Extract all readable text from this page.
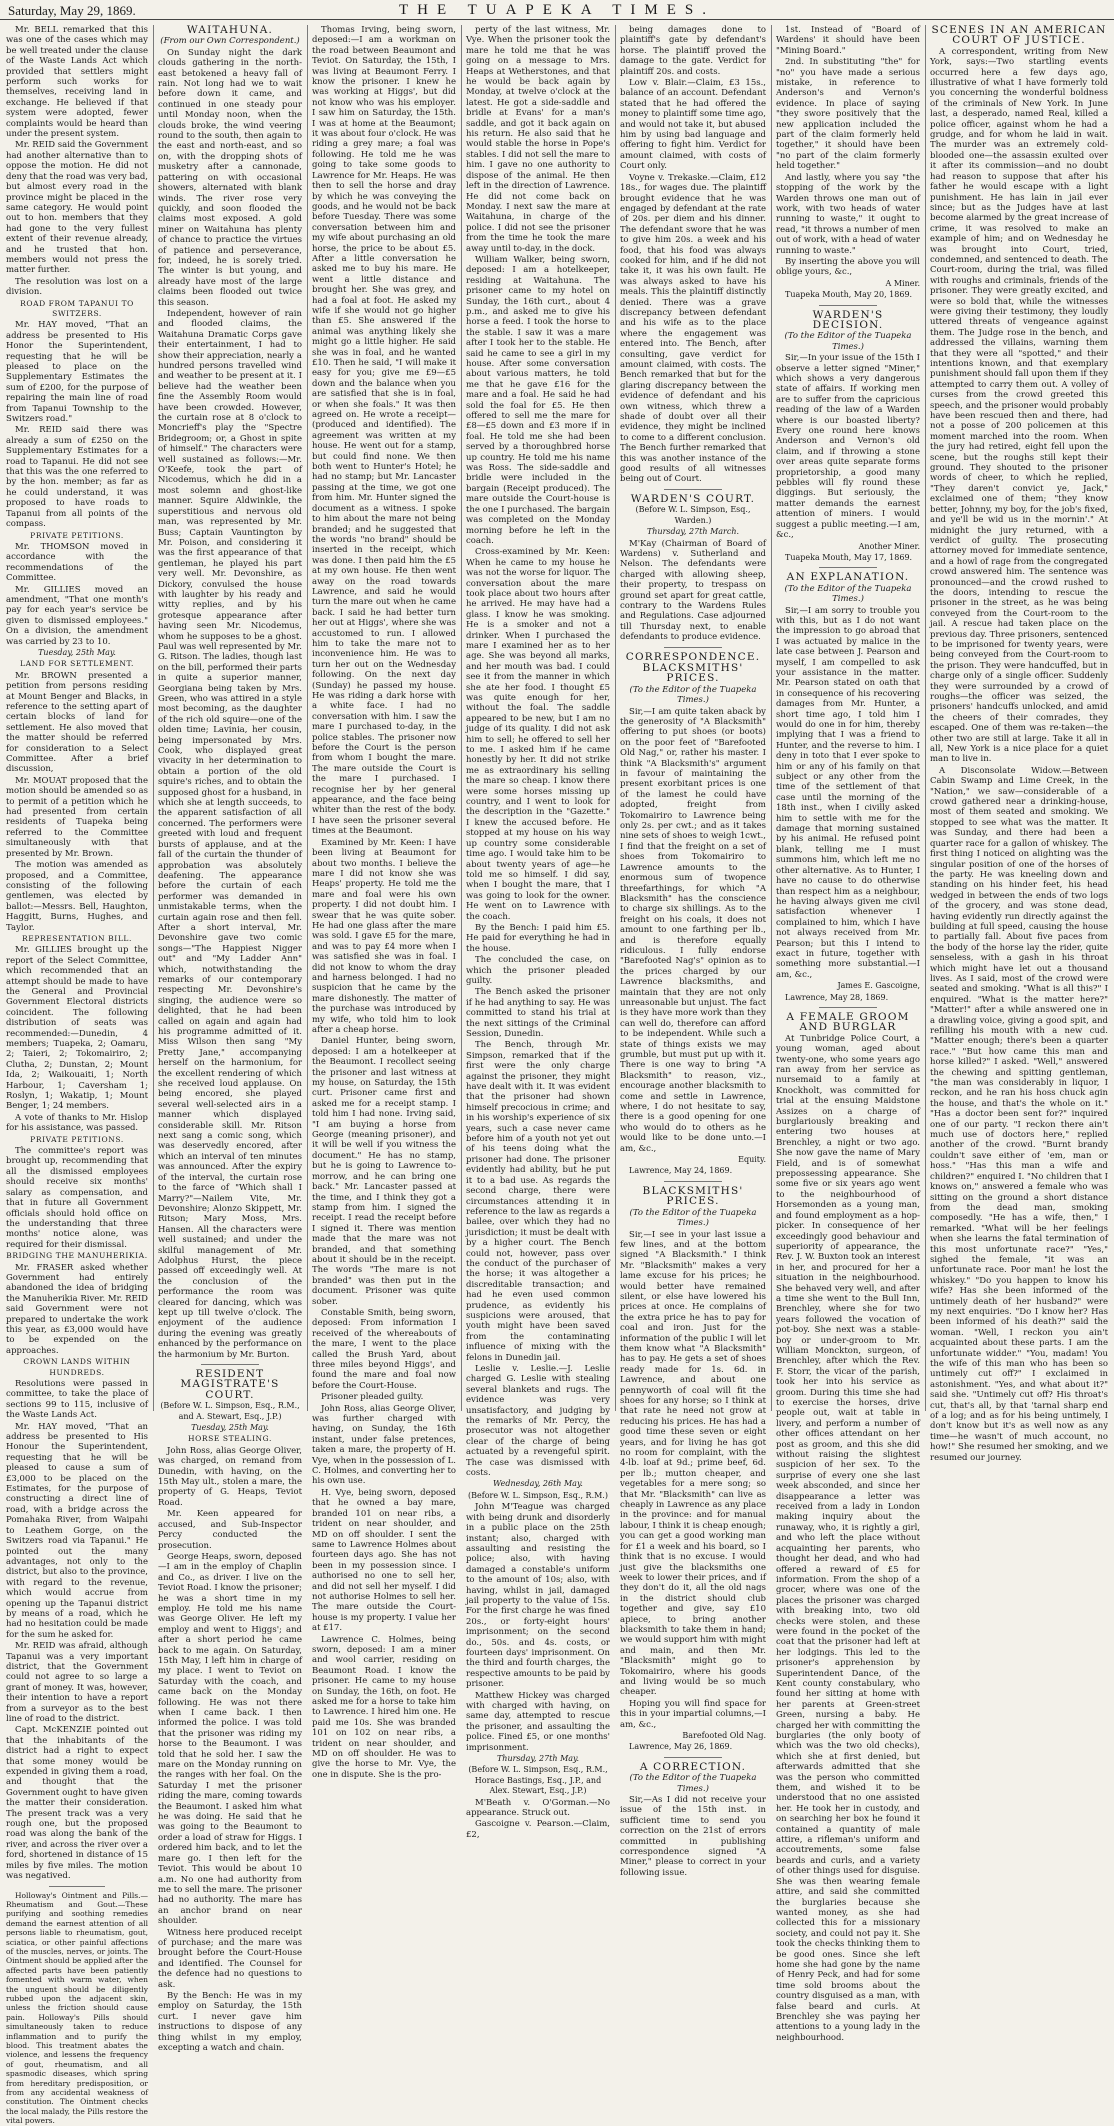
Saturday, May 29, 1869.	THE TUAPEKA TIMES.

Mr. BELL remarked that this was one of the cases which may be well treated under the clause of the Waste Lands Act which provided that settlers might perform such works for themselves, receiving land in exchange. He believed if that system were adopted, fewer complaints would be heard than under the present system.

Mr. REID said the Government had another alternative than to oppose the motion. He did not deny that the road was very bad, but almost every road in the province might be placed in the same category. He would point out to hon. members that they had gone to the very fullest extent of their revenue already, and he trusted that hon. members would not press the matter further.

The resolution was lost on a division.

ROAD FROM TAPANUI TO SWITZERS.

Mr. HAY moved, "That an address be presented to His Honor the Superintendent, requesting that he will be pleased to place on the Supplementary Estimates the sum of £200, for the purpose of repairing the main line of road from Tapanui Township to the Switzers road."

Mr. REID said there was already a sum of £250 on the Supplementary Estimates for a road to Tapanui. He did not see that this was the one referred to by the hon. member; as far as he could understand, it was proposed to have roads to Tapanui from all points of the compass.

PRIVATE PETITIONS.

Mr. THOMSON moved in accordance with the recommendations of the Committee.

Mr. GILLIES moved an amendment, "That one month's pay for each year's service be given to dismissed employees." On a division, the amendment was carried by 23 to 10.

Tuesday, 25th May.

LAND FOR SETTLEMENT.

Mr. BROWN presented a petition from persons residing at Mount Benger and Blacks, in reference to the setting apart of certain blocks of land for settlement. He also moved that the matter should be referred for consideration to a Select Committee. After a brief discussion,

Mr. MOUAT proposed that the motion should be amended so as to permit of a petition which he had presented from certain residents of Tuapeka being referred to the Committee simultaneously with that presented by Mr. Brown.

The motion was amended as proposed, and a Committee, consisting of the following gentlemen, was elected by ballot:—Messrs. Bell, Haughton, Haggitt, Burns, Hughes, and Taylor.

REPRESENTATION BILL.

Mr. GILLIES brought up the report of the Select Committee, which recommended that an attempt should be made to have the General and Provincial Government Electoral districts coincident. The following distribution of seats was recommended:—Dunedin, 4 members; Tuapeka, 2; Oamaru, 2; Taieri, 2; Tokomairiro, 2; Clutha, 2; Dunstan, 2; Mount Ida, 2; Waikouaiti, 1; North Harbour, 1; Caversham 1; Roslyn, 1; Wakatip, 1; Mount Benger, 1; 24 members.

A vote of thanks to Mr. Hislop for his assistance, was passed.

PRIVATE PETITIONS.

The committee's report was brought up, recommending that all the dismissed employees should receive six months' salary as compensation, and that in future all Government officials should hold office on the understanding that three months' notice alone, was required for their dismissal.

BRIDGING THE MANUHERIKIA.

Mr. FRASER asked whether Government had entirely abandoned the idea of bridging the Manuherikia River. Mr. REID said Government were not prepared to undertake the work this year, as £3,000 would have to be expended on the approaches.

CROWN LANDS WITHIN HUNDREDS.

Resolutions were passed in committee, to take the place of sections 99 to 115, inclusive of the Waste Lands Act.

Mr. HAY moved, "That an address be presented to His Honour the Superintendent, requesting that he will be pleased to cause a sum of £3,000 to be placed on the Estimates, for the purpose of constructing a direct line of road, with a bridge across the Pomahaka River, from Waipahi to Leathem Gorge, on the Switzers road via Tapanui." He pointed out the many advantages, not only to the district, but also to the province, with regard to the revenue, which would accrue from opening up the Tapanui district by means of a road, which he had no hesitation could be made for the sum he asked for.

Mr. REID was afraid, although Tapanui was a very important district, that the Government could not agree to so large a grant of money. It was, however, their intention to have a report from a surveyor as to the best line of road to the district.

Capt. McKENZIE pointed out that the inhabitants of the district had a right to expect that some money would be expended in giving them a road, and thought that the Government ought to have given the matter their consideration. The present track was a very rough one, but the proposed road was along the bank of the river, and across the river over a ford, shortened in distance of 15 miles by five miles. The motion was negatived.

Holloway's Ointment and Pills.—Rheumatism and Gout.—These purifying and soothing remedies demand the earnest attention of all persons liable to rheumatism, gout, sciatica, or other painful affections of the muscles, nerves, or joints. The Ointment should be applied after the affected parts have been patiently fomented with warm water, when the unguent should be diligently rubbed upon the adjacent skin, unless the friction should cause pain. Holloway's Pills should simultaneously taken to reduce inflammation and to purify the blood. This treatment abates the violence, and lessens the frequency of gout, rheumatism, and all spasmodic diseases, which spring from hereditary predisposition, or from any accidental weakness of constitution. The Ointment checks the local malady, the Pills restore the vital powers.

WAITAHUNA.

(From our Own Correspondent.)

On Sunday night the dark clouds gathering in the north-east betokened a heavy fall of rain. Not long had we to wait before down it came, and continued in one steady pour until Monday noon, when the clouds broke, the wind veering round to the south, then again to the east and north-east, and so on, with the dropping shots of musketry after a cannonade, pattering on with occasional showers, alternated with blank winds. The river rose very quickly, and soon flooded the claims most exposed. A gold miner on Waitahuna has plenty of chance to practice the virtues of patience and perseverance, for, indeed, he is sorely tried. The winter is but young, and already have most of the large claims been flooded out twice this season.

Independent, however of rain and flooded claims, the Waitahuna Dramatic Corps gave their entertainment, I had to show their appreciation, nearly a hundred persons travelled wind and weather to be present at it. I believe had the weather been fine the Assembly Room would have been crowded. However, the curtain rose at 8 o'clock to Moncrieff's play the "Spectre Bridegroom; or, a Ghost in spite of himself." The characters were well sustained as follows:—Mr. O'Keefe, took the part of Nicodemus, which he did in a most solemn and ghost-like manner. Squire Aldwinkle, the superstitious and nervous old man, was represented by Mr. Buss; Captain Vauntington by Mr. Poison, and considering it was the first appearance of that gentleman, he played his part very well. Mr. Devonshire, as Dickory, convulsed the house with laughter by his ready and witty replies, and by his grotesque appearance after having seen Mr. Nicodemus, whom he supposes to be a ghost. Paul was well represented by Mr. G. Ritson. The ladies, though last on the bill, performed their parts in quite a superior manner, Georgiana being taken by Mrs. Green, who was attired in a style most becoming, as the daughter of the rich old squire—one of the olden time; Lavinia, her cousin, being impersonated by Mrs. Cook, who displayed great vivacity in her determination to obtain a portion of the old squire's riches, and to obtain the supposed ghost for a husband, in which she at length succeeds, to the apparent satisfaction of all concerned. The performers were greeted with loud and frequent bursts of applause, and at the fall of the curtain the thunder of approbation was absolutely deafening. The appearance before the curtain of each performer was demanded in unmistakable terms, when the curtain again rose and then fell. After a short interval, Mr. Devonshire gave two comic songs—"The Happiest Nigger out" and "My Ladder Ann" which, notwithstanding the remarks of our contemporary respecting Mr. Devonshire's singing, the audience were so delighted, that he had been called on again and again had his programme admitted of it. Miss Wilson then sang "My Pretty Jane," accompanying herself on the harmonium, for the excellent rendering of which she received loud applause. On being encored, she played several well-selected airs in a manner which displayed considerable skill. Mr. Ritson next sang a comic song, which was deservedly encored, after which an interval of ten minutes was announced. After the expiry of the interval, the curtain rose to the farce of "Which shall I Marry?"—Nailem Vite, Mr. Devonshire; Alonzo Skippett, Mr. Ritson; Mary Moss, Mrs. Hansen. All the characters were well sustained; and under the skilful management of Mr. Adolphus Hurst, the piece passed off exceedingly well. At the conclusion of the performance the room was cleared for dancing, which was kept up till twelve o'clock. The enjoyment of the audience during the evening was greatly enhanced by the performance on the harmonium by Mr. Burton.

RESIDENT MAGISTRATE'S COURT.

(Before W. L. Simpson, Esq., R.M., and A. Stewart, Esq., J.P.)

Tuesday, 25th May.

HORSE STEALING.

John Ross, alias George Oliver, was charged, on remand from Dunedin, with having, on the 15th May ult., stolen a mare, the property of G. Heaps, Teviot Road.

Mr. Keen appeared for accused, and Sub-Inspector Percy conducted the prosecution.

George Heaps, sworn, deposed—I am in the employ of Chaplin and Co., as driver. I live on the Teviot Road. I know the prisoner; he was a short time in my employ. He told me his name was George Oliver. He left my employ and went to Higgs'; and after a short period he came back to me again. On Saturday, 15th May, I left him in charge of my place. I went to Teviot on Saturday with the coach, and came back on the Monday following. He was not there when I came back. I then informed the police. I was told that the prisoner was riding my horse to the Beaumont. I was told that he sold her. I saw the mare on the Monday running on the ranges with her foal. On the Saturday I met the prisoner riding the mare, coming towards the Beaumont. I asked him what he was doing. He said that he was going to the Beaumont to order a load of straw for Higgs. I ordered him back, and to let the mare go. I then left for the Teviot. This would be about 10 a.m. No one had authority from me to sell the mare. The prisoner had no authority. The mare has an anchor brand on near shoulder.

Witness here produced receipt of purchase; and the mare was brought before the Court-House and identified. The Counsel for the defence had no questions to ask.

By the Bench: He was in my employ on Saturday, the 15th curt. I never gave him instructions to dispose of any thing whilst in my employ, excepting a watch and chain.

Thomas Irving, being sworn, deposed:—I am a workman on the road between Beaumont and Teviot. On Saturday, the 15th, I was living at Beaumont Ferry. I know the prisoner. I knew he was working at Higgs', but did not know who was his employer. I saw him on Saturday, the 15th. I was at home at the Beaumont; it was about four o'clock. He was riding a grey mare; a foal was following. He told me he was going to take some goods to Lawrence for Mr. Heaps. He was then to sell the horse and dray by which he was conveying the goods, and he would not be back before Tuesday. There was some conversation between him and my wife about purchasing an old horse, the price to be about £5. After a little conversation he asked me to buy his mare. He went a little distance and brought her. She was grey, and had a foal at foot. He asked my wife if she would not go higher than £5. She answered if the animal was anything likely she might go a little higher. He said she was in foal, and he wanted £10. Then he said, "I will make it easy for you; give me £9—£5 down and the balance when you are satisfied that she is in foal, or when she foals." It was then agreed on. He wrote a receipt—(produced and identified). The agreement was written at my house. He went out for a stamp, but could find none. We then both went to Hunter's Hotel; he had no stamp; but Mr. Lancaster passing at the time, we got one from him. Mr. Hunter signed the document as a witness. I spoke to him about the mare not being branded; and he suggested that the words "no brand" should be inserted in the receipt, which was done. I then paid him the £5 at my own house. He then went away on the road towards Lawrence, and said he would turn the mare out when he came back. I said he had better turn her out at Higgs', where she was accustomed to run. I allowed him to take the mare not to inconvenience him. He was to turn her out on the Wednesday following. On the next day (Sunday) he passed my house. He was riding a dark horse with a white face. I had no conversation with him. I saw the mare I purchased to-day, in the police stables. The prisoner now before the Court is the person from whom I bought the mare. The mare outside the Court is the mare I purchased. I recognise her by her general appearance, and the face being whiter than the rest of the body. I have seen the prisoner several times at the Beaumont.

Examined by Mr. Keen: I have been living at Beaumont for about two months. I believe the mare I did not know she was Heaps' property. He told me the mare and foal were his own property. I did not doubt him. I swear that he was quite sober. He had one glass after the mare was sold. I gave £5 for the mare, and was to pay £4 more when I was satisfied she was in foal. I did not know to whom the dray and harness belonged. I had no suspicion that he came by the mare dishonestly. The matter of the purchase was introduced by my wife, who told him to look after a cheap horse.

Daniel Hunter, being sworn, deposed: I am a hotelkeeper at the Beaumont. I recollect seeing the prisoner and last witness at my house, on Saturday, the 15th curt. Prisoner came first and asked me for a receipt stamp. I told him I had none. Irving said, "I am buying a horse from George (meaning prisoner), and it will be well if you witness the document." He has no stamp, but he is going to Lawrence to-morrow, and he can bring one back." Mr. Lancaster passed at the time, and I think they got a stamp from him. I signed the receipt. I read the receipt before I signed it. There was mention made that the mare was not branded, and that something about it should be in the receipt. The words "The mare is not branded" was then put in the document. Prisoner was quite sober.

Constable Smith, being sworn, deposed: From information I received of the whereabouts of the mare, I went to the place called the Brush Yard, about three miles beyond Higgs', and found the mare and foal now before the Court-House.

Prisoner pleaded guilty.

John Ross, alias George Oliver, was further charged with having, on Sunday, the 16th instant, under false pretences, taken a mare, the property of H. Vye, when in the possession of L. C. Holmes, and converting her to his own use.

H. Vye, being sworn, deposed that he owned a bay mare, branded 101 on near ribs, a trident on near shoulder, and MD on off shoulder. I sent the same to Lawrence Holmes about fourteen days ago. She has not been in my possession since. I authorised no one to sell her, and did not sell her myself. I did not authorise Holmes to sell her. The mare outside the Court-house is my property. I value her at £17.

Lawrence C. Holmes, being sworn, deposed: I am a miner and wool carrier, residing on Beaumont Road. I know the prisoner. He came to my house on Sunday, the 16th, on foot. He asked me for a horse to take him to Lawrence. I hired him one. He paid me 10s. She was branded 101 on 102 on near ribs, a trident on near shoulder, and MD on off shoulder. He was to give the horse to Mr. Vye, the one in dispute. She is the pro-

perty of the last witness, Mr. Vye. When the prisoner took the mare he told me that he was going on a message to Mrs. Heaps at Wetherstones, and that he would be back again by Monday, at twelve o'clock at the latest. He got a side-saddle and bridle at Evans' for a man's saddle, and got it back again on his return. He also said that he would stable the horse in Pope's stables. I did not sell the mare to him. I gave no one authority to dispose of the animal. He then left in the direction of Lawrence. He did not come back on Monday. I next saw the mare at Waitahuna, in charge of the police. I did not see the prisoner from the time he took the mare away until to-day, in the dock.

William Walker, being sworn, deposed: I am a hotelkeeper, residing at Waitahuna. The prisoner came to my hotel on Sunday, the 16th curt., about 4 p.m., and asked me to give his horse a feed. I took the horse to the stable. I saw it was a mare after I took her to the stable. He said he came to see a girl in my house. After some conversation about various matters, he told me that he gave £16 for the mare and a foal. He said he had sold the foal for £5. He then offered to sell me the mare for £8—£5 down and £3 more if in foal. He told me she had been served by a thoroughbred horse up country. He told me his name was Ross. The side-saddle and bridle were included in the bargain (Receipt produced). The mare outside the Court-house is the one I purchased. The bargain was completed on the Monday morning before he left in the coach.

Cross-examined by Mr. Keen: When he came to my house he was not the worse for liquor. The conversation about the mare took place about two hours after he arrived. He may have had a glass. I know he was smoking. He is a smoker and not a drinker. When I purchased the mare I examined her as to her age. She was beyond all marks, and her mouth was bad. I could see it from the manner in which she ate her food. I thought £5 was quite enough for her, without the foal. The saddle appeared to be new, but I am no judge of its quality. I did not ask him to sell; he offered to sell her to me. I asked him if he came honestly by her. It did not strike me as extraordinary his selling the mare so cheap. I know there were some horses missing up country, and I went to look for the description in the "Gazette." I knew the accused before. He stopped at my house on his way up country some considerable time ago. I would take him to be about twenty years of age—he told me so himself. I did say, when I bought the mare, that I was going to look for the owner. He went on to Lawrence with the coach.

By the Bench: I paid him £5. He paid for everything he had in the house.

The concluded the case, on which the prisoner pleaded guilty.

The Bench asked the prisoner if he had anything to say. He was committed to stand his trial at the next sittings of the Criminal Session, Dunedin.

The Bench, through Mr. Simpson, remarked that if the first were the only charge against the prisoner, they might have dealt with it. It was evident that the prisoner had shown himself precocious in crime; and in his worship's experience of six years, such a case never came before him of a youth not yet out of his teens doing what the prisoner had done. The prisoner evidently had ability, but he put it to a bad use. As regards the second charge, there were circumstances attending it in reference to the law as regards a bailee, over which they had no jurisdiction; it must be dealt with by a higher court. The Bench could not, however, pass over the conduct of the purchaser of the horse; it was altogether a discreditable transaction; and had he even used common prudence, as evidently his suspicions were aroused, that youth might have been saved from the contaminating influence of mixing with the felons in Dunedin jail.

Leslie v. Leslie.—J. Leslie charged G. Leslie with stealing several blankets and rugs. The evidence was very unsatisfactory, and judging by the remarks of Mr. Percy, the prosecutor was not altogether clear of the charge of being actuated by a revengeful spirit. The case was dismissed with costs.

Wednesday, 26th May.

(Before W. L. Simpson, Esq., R.M.)

John M'Teague was charged with being drunk and disorderly in a public place on the 25th instant; also, charged with assaulting and resisting the police; also, with having damaged a constable's uniform to the amount of 10s; also, with having, whilst in jail, damaged jail property to the value of 15s. For the first charge he was fined 20s., or forty-eight hours' imprisonment; on the second do., 50s. and 4s. costs, or fourteen days' imprisonment. On the third and fourth charges, the respective amounts to be paid by prisoner.

Matthew Hickey was charged with charged with having, on same day, attempted to rescue the prisoner, and assaulting the police. Fined £5, or one months' imprisonment.

Thursday, 27th May.

(Before W. L. Simpson, Esq., R.M., Horace Bastings, Esq., J.P., and Alex. Stewart, Esq., J.P.)

M'Beath v. O'Gorman.—No appearance. Struck out.

Gascoigne v. Pearson.—Claim, £2,

being damages done to plaintiff's gate by defendant's horse. The plaintiff proved the damage to the gate. Verdict for plaintiff 20s. and costs.

Low v. Blair.—Claim, £3 15s., balance of an account. Defendant stated that he had offered the money to plaintiff some time ago, and would not take it, but abused him by using bad language and offering to fight him. Verdict for amount claimed, with costs of Court only.

Voyne v. Trekaske.—Claim, £12 18s., for wages due. The plaintiff brought evidence that he was engaged by defendant at the rate of 20s. per diem and his dinner. The defendant swore that he was to give him 20s. a week and his food, that his food was always cooked for him, and if he did not take it, it was his own fault. He was always asked to have his meals. This the plaintiff distinctly denied. There was a grave discrepancy between defendant and his wife as to the place where the engagement was entered into. The Bench, after consulting, gave verdict for amount claimed, with costs. The Bench remarked that but for the glaring discrepancy between the evidence of defendant and his own witness, which threw a shade of doubt over all their evidence, they might be inclined to come to a different conclusion. The Bench further remarked that this was another instance of the good results of all witnesses being out of Court.

WARDEN'S COURT.

(Before W. L. Simpson, Esq., Warden.)

Thursday, 27th March.

M'Kay (Chairman of Board of Wardens) v. Sutherland and Nelson. The defendants were charged with allowing sheep, their property, to trespass on ground set apart for great cattle, contrary to the Wardens Rules and Regulations. Case adjourned till Thursday next, to enable defendants to produce evidence.

CORRESPONDENCE.

BLACKSMITHS' PRICES.

(To the Editor of the Tuapeka Times.)

Sir,—I am quite taken aback by the generosity of "A Blacksmith" offering to put shoes (or boots) on the poor feet of "Barefooted Old Nag," or, rather his master. I think "A Blacksmith's" argument in favour of maintaining the present exorbitant prices is one of the lamest he could have adopted, freight from Tokomairiro to Lawrence being only 2s. per cwt.; and as it takes nine sets of shoes to weigh 1cwt., I find that the freight on a set of shoes from Tokomairiro to Lawrence amounts to the enormous sum of twopence threefarthings, for which "A Blacksmith" has the conscience to charge six shillings. As to the freight on his coals, it does not amount to one farthing per lb., and is therefore equally ridiculous. I fully endorse "Barefooted Nag's" opinion as to the prices charged by our Lawrence blacksmiths, and maintain that they are not only unreasonable but unjust. The fact is they have more work than they can well do, therefore can afford to be independent. While such a state of things exists we may grumble, but must put up with it. There is one way to bring "A Blacksmith" to reason, viz., encourage another blacksmith to come and settle in Lawrence, where, I do not hesitate to say, there is a good opening for one who would do to others as he would like to be done unto.—I am, &c.,

Equity.

Lawrence, May 24, 1869.

BLACKSMITHS' PRICES.

(To the Editor of the Tuapeka Times.)

Sir,—I see in your last issue a few lines, and at the bottom signed "A Blacksmith." I think Mr. "Blacksmith" makes a very lame excuse for his prices; he would better have remained silent, or else have lowered his prices at once. He complains of the extra price he has to pay for coal and iron. Just for the information of the public I will let them know what "A Blacksmith" has to pay. He gets a set of shoes ready made for 1s. 6d. in Lawrence, and about one pennyworth of coal will fit the shoes for any horse; so I think at that rate he need not grow at reducing his prices. He has had a good time these seven or eight years, and for living he has got no room for complaint, with the 4-lb. loaf at 9d.; prime beef, 6d. per lb.; mutton cheaper, and vegetables for a mere song; so that Mr. "Blacksmith" can live as cheaply in Lawrence as any place in the province: and for manual labour, I think it is cheap enough; you can get a good working man for £1 a week and his board, so I think that is no excuse. I would just give the blacksmiths one week to lower their prices, and if they don't do it, all the old nags in the district should club together and give, say £10 apiece, to bring another blacksmith to take them in hand; we would support him with might and main, and then Mr. "Blacksmith" might go to Tokomairiro, where his goods and living would be so much cheaper.

Hoping you will find space for this in your impartial columns,—I am, &c.,

Barefooted Old Nag.

Lawrence, May 26, 1869.

A CORRECTION.

(To the Editor of the Tuapeka Times.)

Sir,—As I did not receive your issue of the 15th inst. in sufficient time to send you correction on the 21st of errors committed in publishing correspondence signed "A Miner," please to correct in your following issue.

1st. Instead of "Board of Wardens' it should have been "Mining Board."

2nd. In substituting "the" for "no" you have made a serious mistake, in reference to Anderson's and Vernon's evidence. In place of saying "they swore positively that the new application included the part of the claim formerly held together," it should have been "no part of the claim formerly held together."

And lastly, where you say "the stopping of the work by the Warden throws one man out of work, with two heads of water running to waste," it ought to read, "it throws a number of men out of work, with a head of water running to waste."

By inserting the above you will oblige yours, &c.,

A Miner.

Tuapeka Mouth, May 20, 1869.

WARDEN'S DECISION.

(To the Editor of the Tuapeka Times.)

Sir,—In your issue of the 15th I observe a letter signed "Miner," which shows a very dangerous state of affairs. If working men are to suffer from the capricious reading of the law of a Warden where is our boasted liberty? Every one round here knows Anderson and Vernon's old claim, and if throwing a stone over areas quite separate forms proprietorship, a good many pebbles will fly round these diggings. But seriously, the matter demands the earnest attention of miners. I would suggest a public meeting.—I am, &c.,

Another Miner.

Tuapeka Mouth, May 17, 1869.

AN EXPLANATION.

(To the Editor of the Tuapeka Times.)

Sir,—I am sorry to trouble you with this, but as I do not want the impression to go abroad that I was actuated by malice in the late case between J. Pearson and myself, I am compelled to ask your assistance in the matter. Mr. Pearson stated on oath that in consequence of his recovering damages from Mr. Hunter, a short time ago, I told him I would do one in for him, thereby implying that I was a friend to Hunter, and the reverse to him. I deny in toto that I ever spoke to him or any of his family on that subject or any other from the time of the settlement of that case until the morning of the 18th inst., when I civilly asked him to settle with me for the damage that morning sustained by his animal. He refused point blank, telling me I must summons him, which left me no other alternative. As to Hunter, I have no cause to do otherwise than respect him as a neighbour, he having always given me civil satisfaction whenever I complained to him, which I have not always received from Mr. Pearson; but this I intend to exact in future, together with something more substantial.—I am, &c.,

James E. Gascoigne,

Lawrence, May 28, 1869.

A FEMALE GROOM AND BURGLAR

At Tunbridge Police Court, a young woman, aged about twenty-one, who some years ago ran away from her service as nursemaid to a family at Knockholt, was committed for trial at the ensuing Maidstone Assizes on a charge of burglariously breaking and entering two houses at Brenchley, a night or two ago. She now gave the name of Mary Field, and is of somewhat prepossessing appearance. She some five or six years ago went to the neighbourhood of Horsemonden as a young man, and found employment as a hop-picker. In consequence of her exceedingly good behaviour and superiority of appearance, the Rev. J. W. Buxton took an interest in her, and procured for her a situation in the neighbourhood. She behaved very well, and after a time she went to the Bull Inn, Brenchley, where she for two years followed the vocation of pot-boy. She next was a stable-boy or under-groom to Mr. William Monckton, surgeon, of Brenchley, after which the Rev. F. Storr, the vicar of the parish, took her into his service as groom. During this time she had to exercise the horses, drive people out, wait at table in livery, and perform a number of other offices attendant on her post as groom, and this she did without raising the slightest suspicion of her sex. To the surprise of every one she last week absconded, and since her disappearance a letter was received from a lady in London making inquiry about the runaway, who, it is rightly a girl, and who left the place without acquainting her parents, who thought her dead, and who had offered a reward of £5 for information. From the shop of a grocer, where was one of the places the prisoner was charged with breaking into, two old checks were stolen, and these were found in the pocket of the coat that the prisoner had left at her lodgings. This led to the prisoner's apprehension by Superintendent Dance, of the Kent county constabulary, who found her sitting at home with her parents at Green-street Green, nursing a baby. He charged her with committing the burglaries (the only booty of which was the two old checks), which she at first denied, but afterwards admitted that she was the person who committed them, and wished it to be understood that no one assisted her. He took her in custody, and on searching her box he found it contained a quantity of male attire, a rifleman's uniform and accoutrements, some false beards and curls, and a variety of other things used for disguise. She was then wearing female attire, and said she committed the burglaries because she wanted money, as she had collected this for a missionary society, and could not pay it. She took the checks thinking them to be good ones. Since she left home she had gone by the name of Henry Peck, and had for some time sold brooms about the country disguised as a man, with false beard and curls. At Brenchley she was paying her attentions to a young lady in the neighbourhood.

SCENES IN AN AMERICAN COURT OF JUSTICE.

A correspondent, writing from New York, says:—Two startling events occurred here a few days ago, illustrative of what I have formerly told you concerning the wonderful boldness of the criminals of New York. In June last, a desperado, named Real, killed a police officer, against whom he had a grudge, and for whom he laid in wait. The murder was an extremely cold-blooded one—the assassin exulted over it after its commission—and no doubt had reason to suppose that after his father he would escape with a light punishment. He has lain in jail ever since; but as the Judges have at last become alarmed by the great increase of crime, it was resolved to make an example of him; and on Wednesday he was brought into Court, tried, condemned, and sentenced to death. The Court-room, during the trial, was filled with roughs and criminals, friends of the prisoner. They were greatly excited, and were so bold that, while the witnesses were giving their testimony, they loudly uttered threats of vengeance against them. The Judge rose in the bench, and addressed the villains, warning them that they were all "spotted," and their intentions known, and that exemplary punishment should fall upon them if they attempted to carry them out. A volley of curses from the crowd greeted this speech, and the prisoner would probably have been rescued then and there, had not a posse of 200 policemen at this moment marched into the room. When the jury had retired, eight fell upon the scene, but the roughs still kept their ground. They shouted to the prisoner words of cheer, to which he replied, "They daren't convict ye, Jack," exclaimed one of them; "they know better, Johnny, my boy, for the job's fixed, and ye'll be wid us in the mornin'." At midnight the jury returned, with a verdict of guilty. The prosecuting attorney moved for immediate sentence, and a howl of rage from the congregated crowd answered him. The sentence was pronounced—and the crowd rushed to the doors, intending to rescue the prisoner in the street, as he was being conveyed from the Court-room to the jail. A rescue had taken place on the previous day. Three prisoners, sentenced to be imprisoned for twenty years, were being conveyed from the Court-room to the prison. They were handcuffed, but in charge only of a single officer. Suddenly they were surrounded by a crowd of roughs—the officer was seized, the prisoners' handcuffs unlocked, and amid the cheers of their comrades, they escaped. One of them was re-taken—the other two are still at large. Take it all in all, New York is a nice place for a quiet man to live in.

A Disconsolate Widow.—Between Cabin Swamp and Lime Creek, in the "Nation," we saw—considerable of a crowd gathered near a drinking-house, most of them seated and smoking. We stopped to see what was the matter. It was Sunday, and there had been a quarter race for a gallon of whiskey. The first thing I noticed on alighting was the singular position of one of the horses of the party. He was kneeling down and standing on his hinder feet, his head wedged in between the ends of two logs of the grocery, and was stone dead, having evidently run directly against the building at full speed, causing the house to partially fall. About five paces from the body of the horse lay the rider, quite senseless, with a gash in his throat which might have let out a thousand lives. As I said, most of the crowd were seated and smoking. "What is all this?" I enquired. "What is the matter here?" "Matter!" after a while answered one in a drawling voice, giving a good spit, and refilling his mouth with a new cud. "Matter enough; there's been a quarter race." "But how came this man and horse killed?" I asked. "Well," answered the chewing and spitting gentleman, "the man was considerably in liquor, I reckon, and he ran his hoss chuck agin the house, and that's the whole on it." "Has a doctor been sent for?" inquired one of our party. "I reckon there ain't much use of doctors here," replied another of the crowd. "Burnt brandy couldn't save either of 'em, man or hoss." "Has this man a wife and children?" enquired I. "No children that I knows on," answered a female who was sitting on the ground a short distance from the dead man, smoking composedly. "He has a wife, then," I remarked. "What will be her feelings when she learns the fatal termination of this most unfortunate race?" "Yes," sighed the female, "it was an unfortunate race. Poor man! he lost the whiskey." "Do you happen to know his wife? Has she been informed of the untimely death of her husband?" were my next enquiries. "Do I know her? Has been informed of his death?" said the woman. "Well, I reckon you ain't acquainted about these parts. I am the unfortunate widder." "You, madam! You the wife of this man who has been so untimely cut off?" I exclaimed in astonishment. "Yes, and what about it?" said she. "Untimely cut off? His throat's cut, that's all, by that 'tarnal sharp end of a log; and as for his being untimely, I don't know but it's as well now as any time—he wasn't of much account, no how!" She resumed her smoking, and we resumed our journey.
